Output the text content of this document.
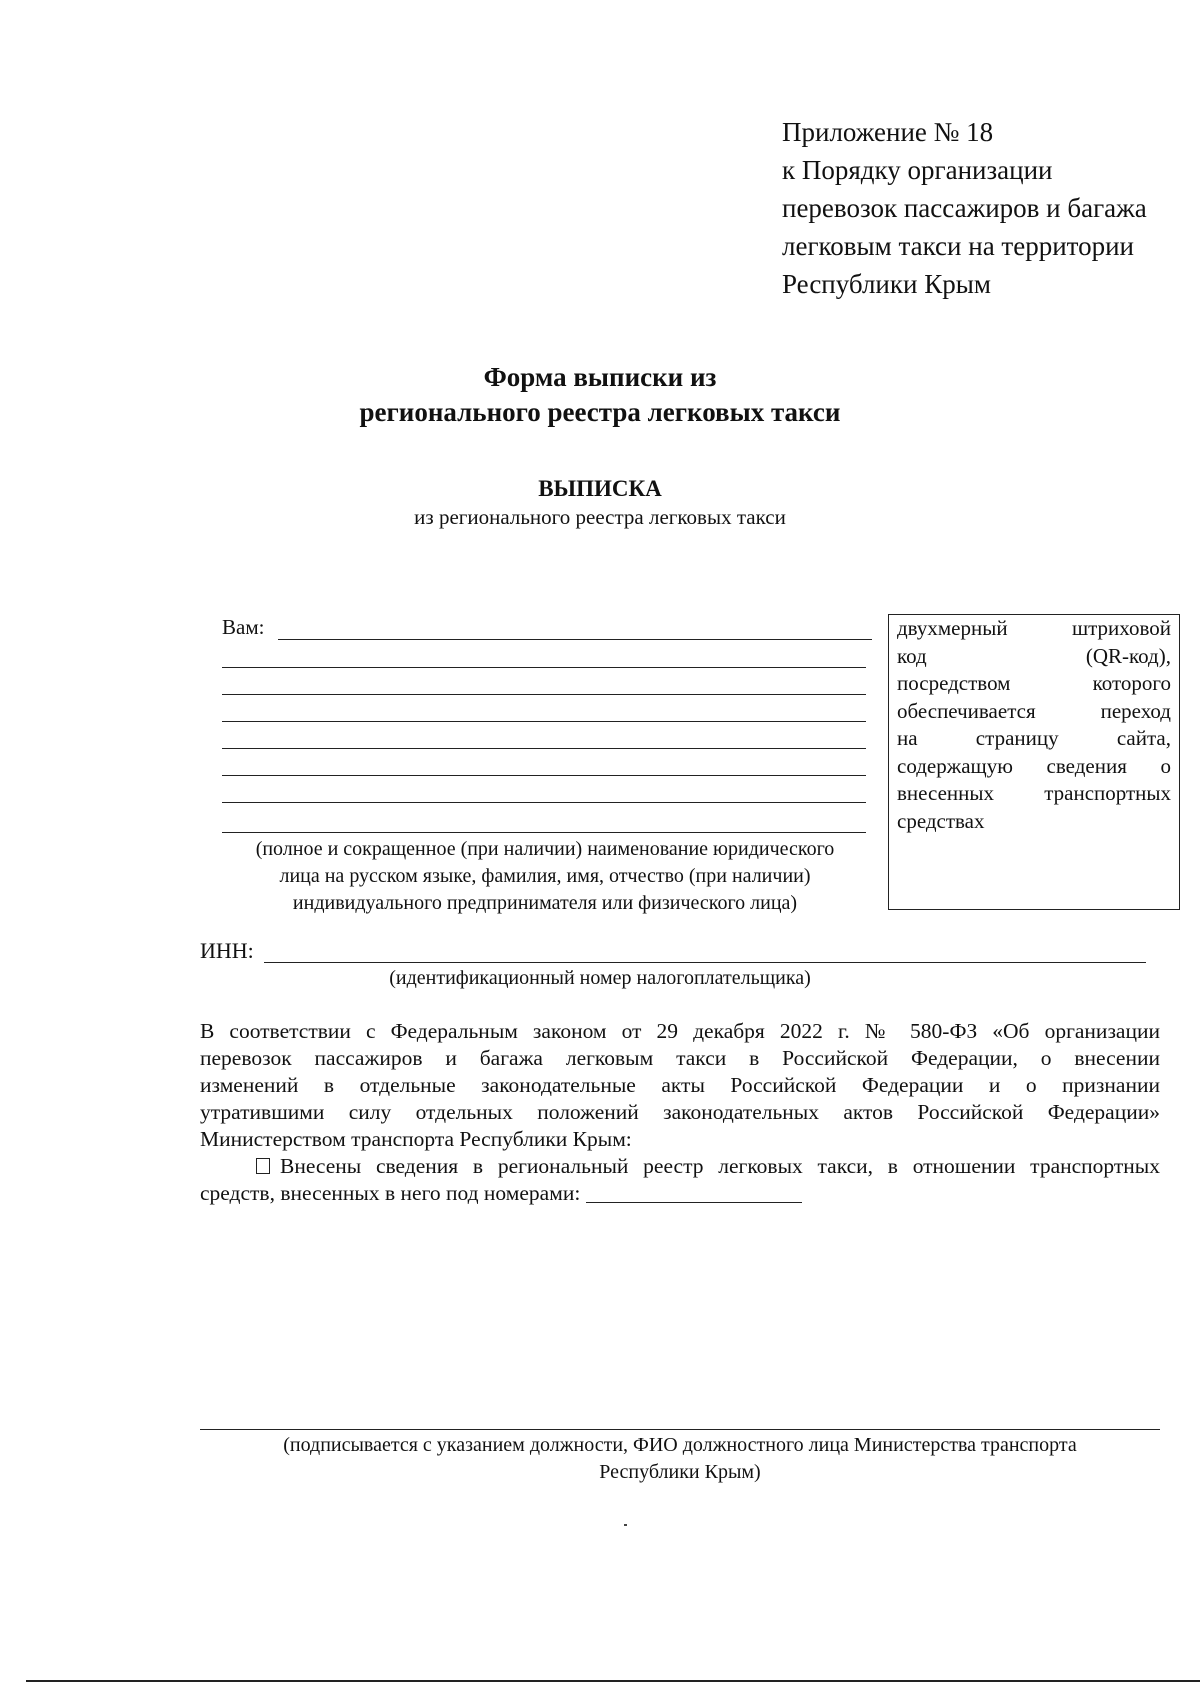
Приложение № 18
к Порядку организации
перевозок пассажиров и багажа
легковым такси на территории
Республики Крым
Форма выписки из
регионального реестра легковых такси
ВЫПИСКА
из регионального реестра легковых такси
Вам:
(полное и сокращенное (при наличии) наименование юридического
лица на русском языке, фамилия, имя, отчество (при наличии)
индивидуального предпринимателя или физического лица)
двухмерный штриховой
код (QR-код),
посредством которого
обеспечивается переход
на страницу сайта,
содержащую сведения о
внесенных транспортных
средствах
ИНН:
(идентификационный номер налогоплательщика)
В соответствии с Федеральным законом от 29 декабря 2022 г. № 580-ФЗ «Об организации
перевозок пассажиров и багажа легковым такси в Российской Федерации, о внесении
изменений в отдельные законодательные акты Российской Федерации и о признании
утратившими силу отдельных положений законодательных актов Российской Федерации»
Министерством транспорта Республики Крым:
Внесены сведения в региональный реестр легковых такси, в отношении транспортных
средств, внесенных в него под номерами:
(подписывается с указанием должности, ФИО должностного лица Министерства транспорта
Республики Крым)
